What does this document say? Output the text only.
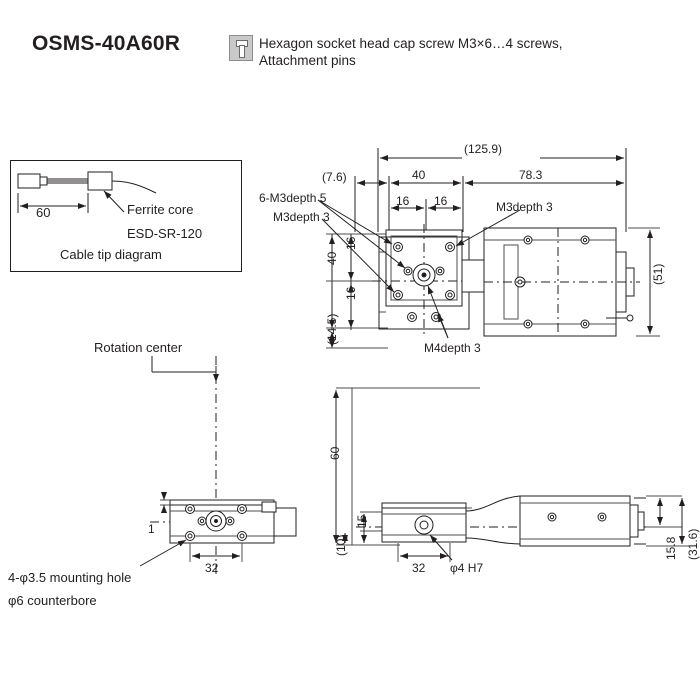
OSMS-40A60R	Hexagon socket head cap screw M3×6…4 screws,
Attachment pins
Cable tip diagram
60	Ferrite core
ESD-SR-120
(125.9)
(7.6)	40	78.3
16 16
6-M3depth 5
M3depth 3
M3depth 3
M4depth 3
40
16
16
(14.5)
(51)
Rotation center
1
32
4-φ3.5 mounting hole
φ6 counterbore
60
15
(10)
32 φ4 H7
15.8 (31.6)
